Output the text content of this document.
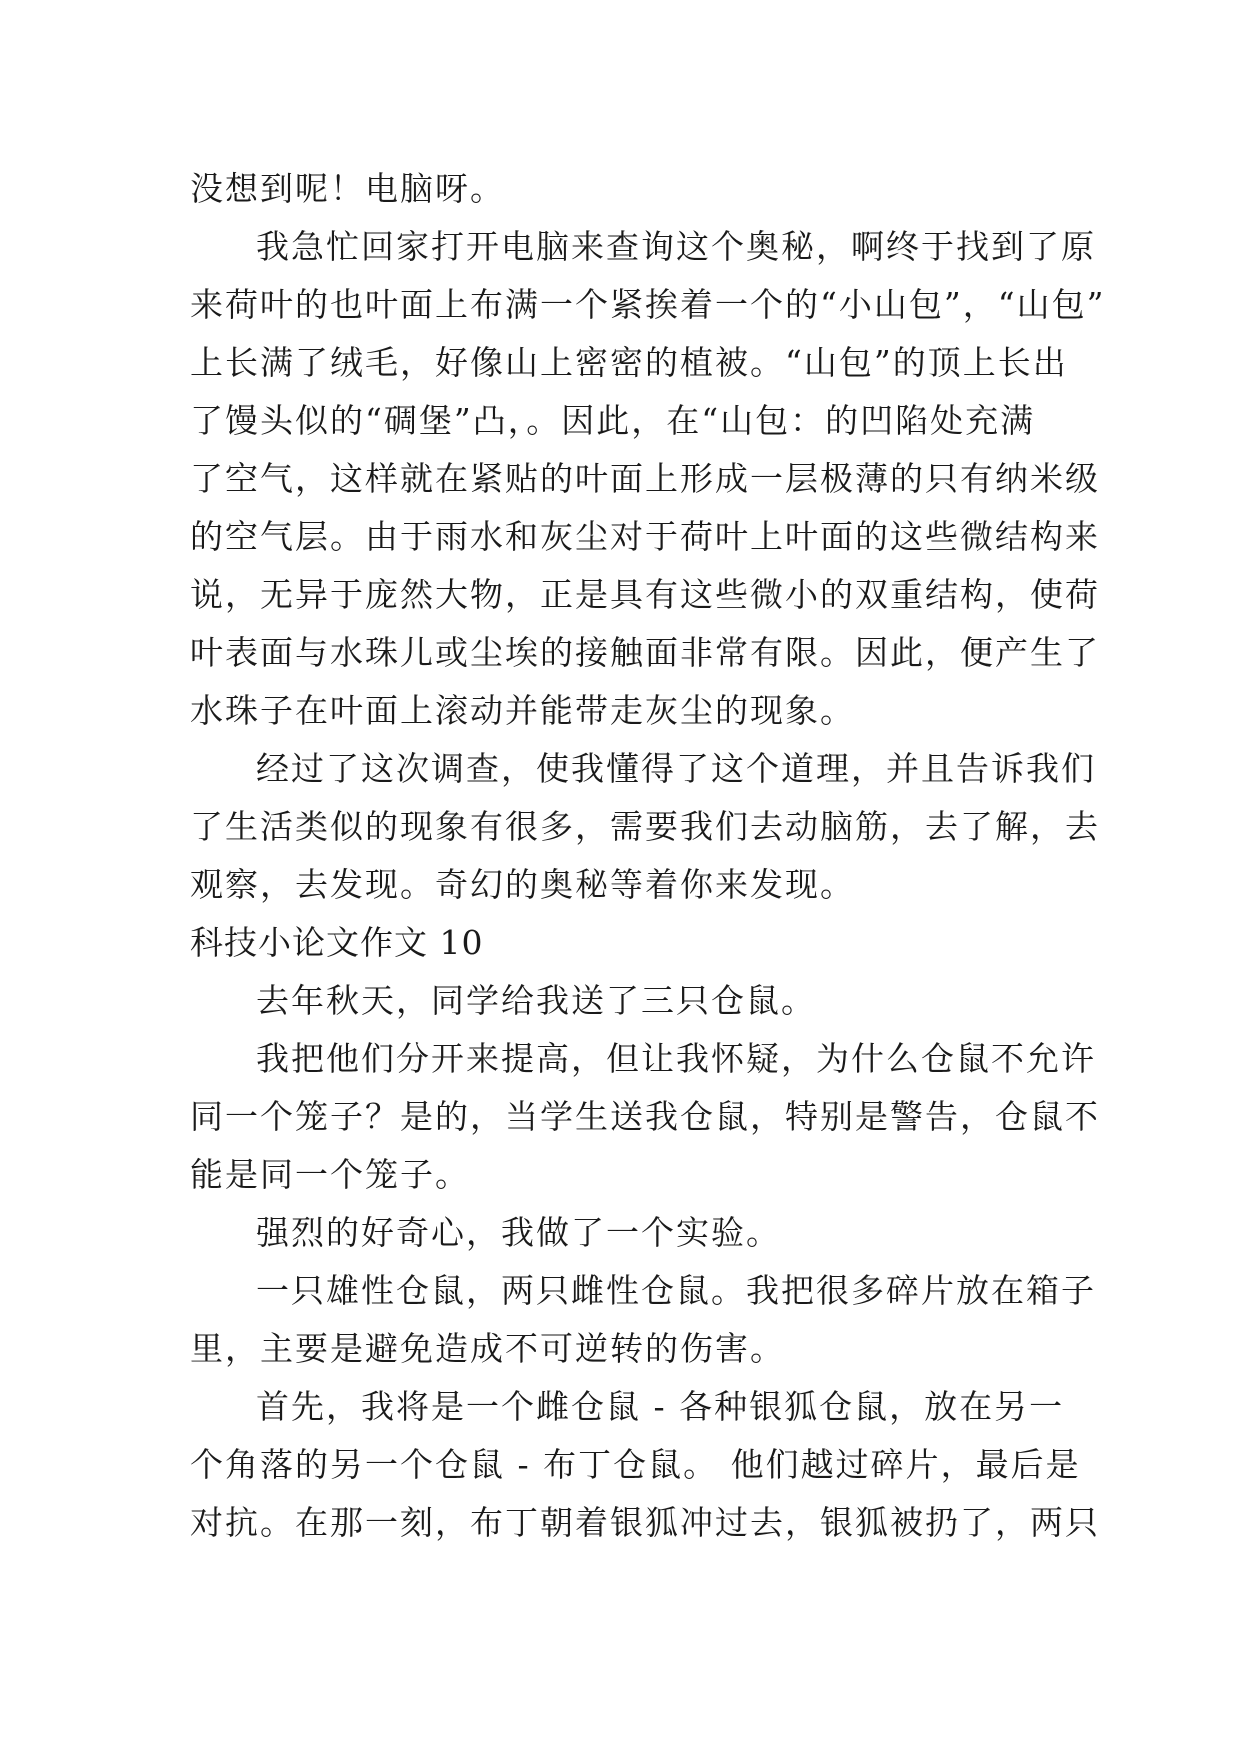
没想到呢！电脑呀。
我急忙回家打开电脑来查询这个奥秘，啊终于找到了原
来荷叶的也叶面上布满一个紧挨着一个的“小山包”，“山包”
上长满了绒毛，好像山上密密的植被。“山包”的顶上长出
了馒头似的“碉堡”凸，。因此，在“山包：的凹陷处充满
了空气，这样就在紧贴的叶面上形成一层极薄的只有纳米级
的空气层。由于雨水和灰尘对于荷叶上叶面的这些微结构来
说，无异于庞然大物，正是具有这些微小的双重结构，使荷
叶表面与水珠儿或尘埃的接触面非常有限。因此，便产生了
水珠子在叶面上滚动并能带走灰尘的现象。
经过了这次调查，使我懂得了这个道理，并且告诉我们
了生活类似的现象有很多，需要我们去动脑筋，去了解，去
观察，去发现。奇幻的奥秘等着你来发现。
科技小论文作文 10
去年秋天，同学给我送了三只仓鼠。
我把他们分开来提高，但让我怀疑，为什么仓鼠不允许
同一个笼子？是的，当学生送我仓鼠，特别是警告，仓鼠不
能是同一个笼子。
强烈的好奇心，我做了一个实验。
一只雄性仓鼠，两只雌性仓鼠。我把很多碎片放在箱子
里，主要是避免造成不可逆转的伤害。
首先，我将是一个雌仓鼠 - 各种银狐仓鼠，放在另一
个角落的另一个仓鼠 - 布丁仓鼠。 他们越过碎片，最后是
对抗。在那一刻，布丁朝着银狐冲过去，银狐被扔了，两只
